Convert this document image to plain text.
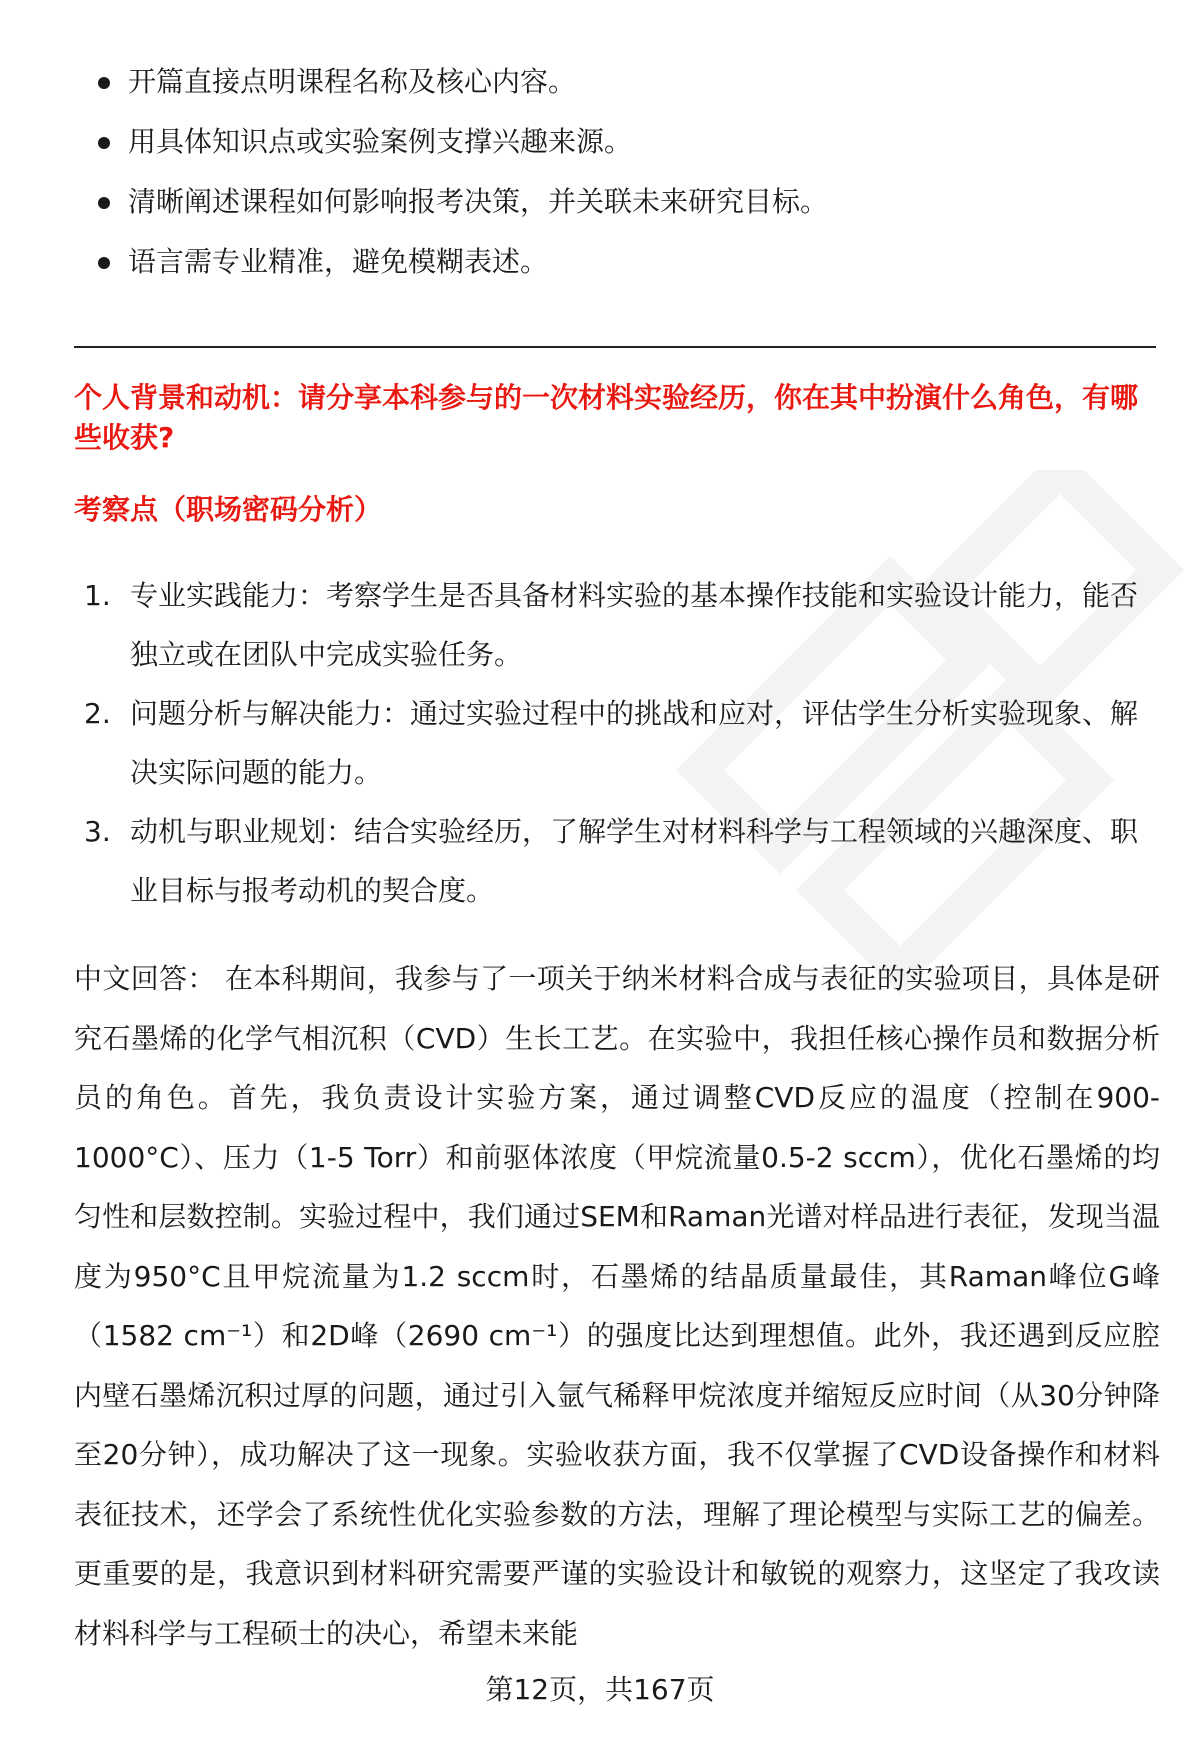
开篇直接点明课程名称及核心内容。
用具体知识点或实验案例支撑兴趣来源。
清晰阐述课程如何影响报考决策，并关联未来研究目标。
语言需专业精准，避免模糊表述。

个人背景和动机：请分享本科参与的一次材料实验经历，你在其中扮演什么角色，有哪些收获?

考察点（职场密码分析）

1. 专业实践能力：考察学生是否具备材料实验的基本操作技能和实验设计能力，能否独立或在团队中完成实验任务。
2. 问题分析与解决能力：通过实验过程中的挑战和应对，评估学生分析实验现象、解决实际问题的能力。
3. 动机与职业规划：结合实验经历，了解学生对材料科学与工程领域的兴趣深度、职业目标与报考动机的契合度。

中文回答： 在本科期间，我参与了一项关于纳米材料合成与表征的实验项目，具体是研究石墨烯的化学气相沉积（CVD）生长工艺。在实验中，我担任核心操作员和数据分析员的角色。首先，我负责设计实验方案，通过调整CVD反应的温度（控制在900-1000°C）、压力（1-5 Torr）和前驱体浓度（甲烷流量0.5-2 sccm），优化石墨烯的均匀性和层数控制。实验过程中，我们通过SEM和Raman光谱对样品进行表征，发现当温度为950°C且甲烷流量为1.2 sccm时，石墨烯的结晶质量最佳，其Raman峰位G峰（1582 cm⁻¹）和2D峰（2690 cm⁻¹）的强度比达到理想值。此外，我还遇到反应腔内壁石墨烯沉积过厚的问题，通过引入氩气稀释甲烷浓度并缩短反应时间（从30分钟降至20分钟），成功解决了这一现象。实验收获方面，我不仅掌握了CVD设备操作和材料表征技术，还学会了系统性优化实验参数的方法，理解了理论模型与实际工艺的偏差。更重要的是，我意识到材料研究需要严谨的实验设计和敏锐的观察力，这坚定了我攻读材料科学与工程硕士的决心，希望未来能

第12页，共167页
